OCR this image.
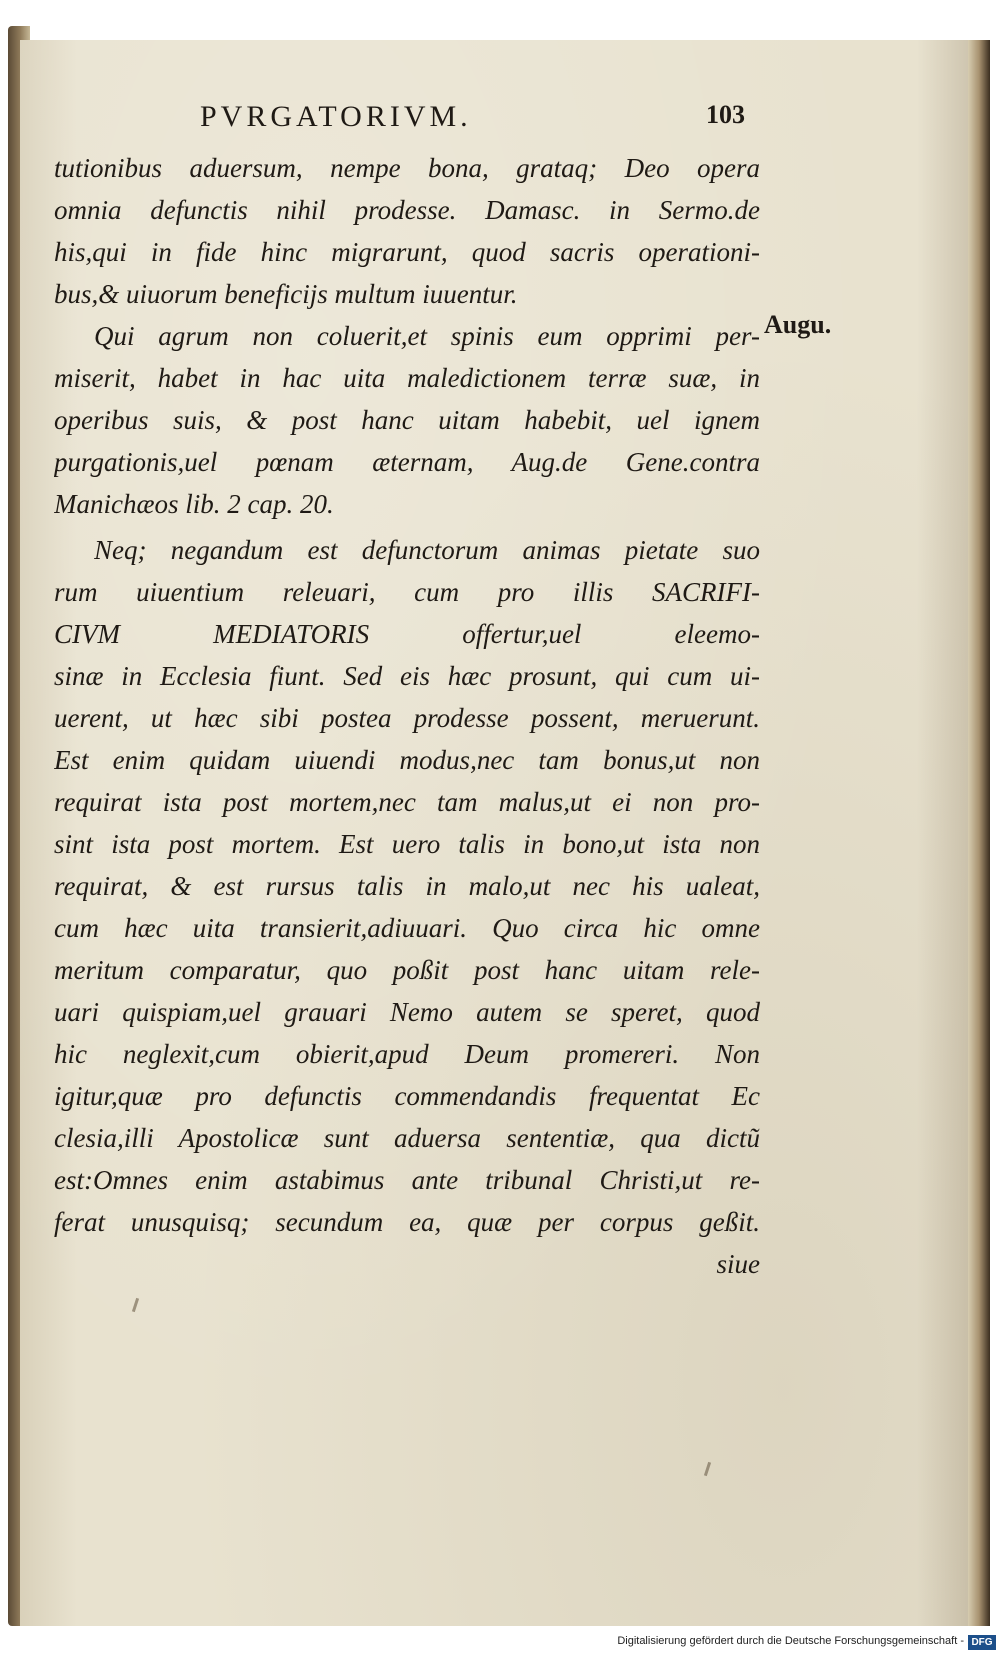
PVRGATORIVM.	103
Augu.
tutionibus aduersum, nempe bona, grataq; Deo opera
omnia defunctis nihil prodesse. Damasc. in Sermo.de
his,qui in fide hinc migrarunt, quod sacris operationi-
bus,& uiuorum beneficijs multum iuuentur.
Qui agrum non coluerit,et spinis eum opprimi per-
miserit, habet in hac uita maledictionem terræ suæ, in
operibus suis, & post hanc uitam habebit, uel ignem
purgationis,uel pœnam æternam, Aug.de Gene.contra
Manichæos lib. 2 cap. 20.
Neq; negandum est defunctorum animas pietate suo
rum uiuentium releuari, cum pro illis SACRIFI-
CIVM MEDIATORIS offertur,uel eleemo-
sinæ in Ecclesia fiunt. Sed eis hæc prosunt, qui cum ui-
uerent, ut hæc sibi postea prodesse possent, meruerunt.
Est enim quidam uiuendi modus,nec tam bonus,ut non
requirat ista post mortem,nec tam malus,ut ei non pro-
sint ista post mortem. Est uero talis in bono,ut ista non
requirat, & est rursus talis in malo,ut nec his ualeat,
cum hæc uita transierit,adiuuari. Quo circa hic omne
meritum comparatur, quo poßit post hanc uitam rele-
uari quispiam,uel grauari Nemo autem se speret, quod
hic neglexit,cum obierit,apud Deum promereri. Non
igitur,quæ pro defunctis commendandis frequentat Ec
clesia,illi Apostolicæ sunt aduersa sententiæ, qua dictũ
est:Omnes enim astabimus ante tribunal Christi,ut re-
ferat unusquisq; secundum ea, quæ per corpus geßit.
siue
Digitalisierung gefördert durch die Deutsche Forschungsgemeinschaft - DFG
